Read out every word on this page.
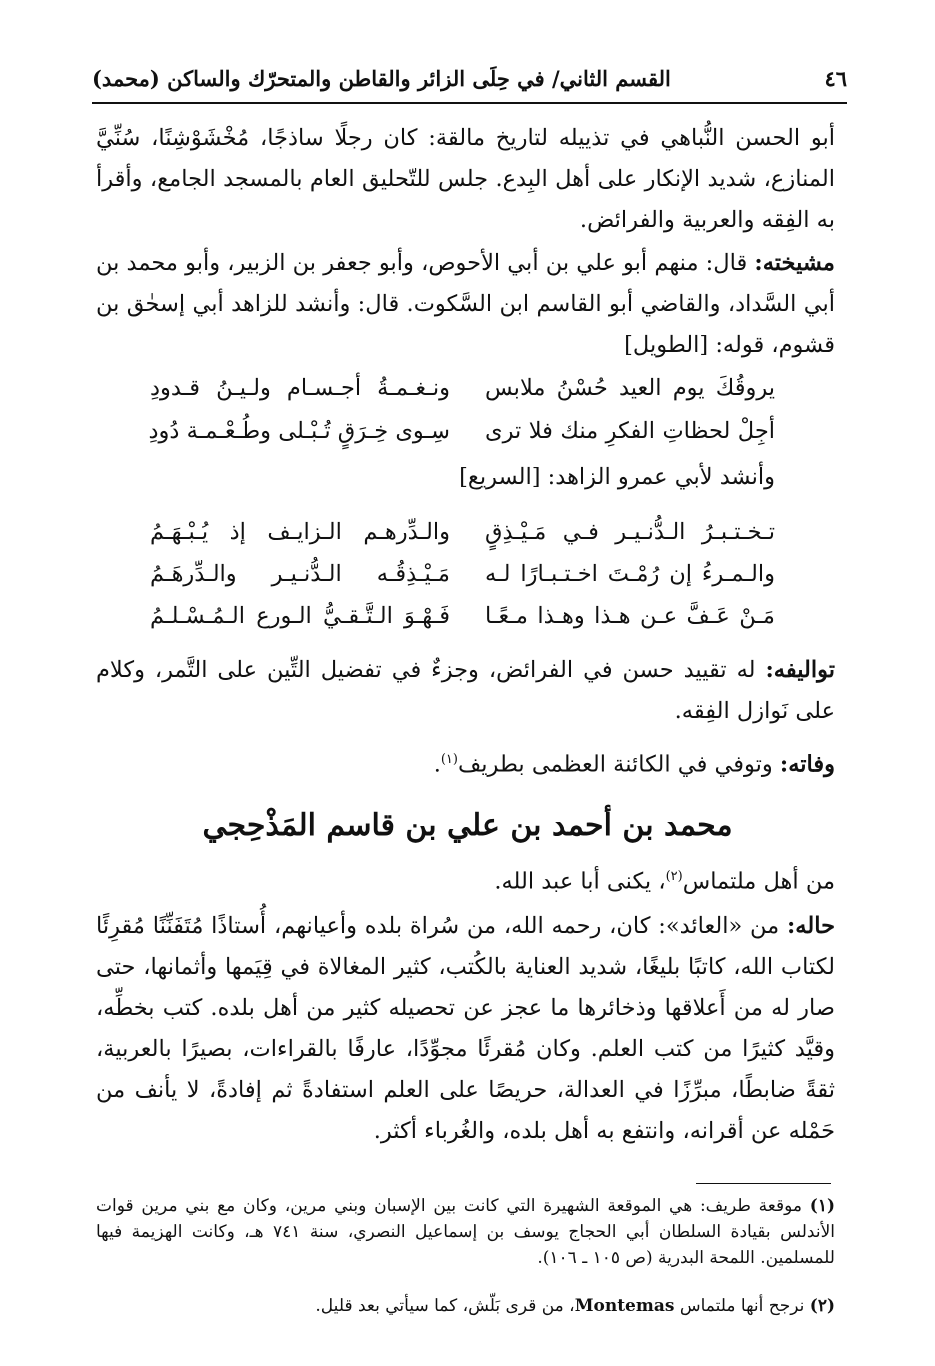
٤٦
القسم الثاني/ في حِلَى الزائر والقاطن والمتحرّك والساكن (محمد)
أبو الحسن النُّباهي في تذييله لتاريخ مالقة: كان رجلًا ساذجًا، مُخْشَوْشِنًا، سُنِّيَّ المنازع، شديد الإنكار على أهل البِدع. جلس للتّحليق العام بالمسجد الجامع، وأقرأ به الفِقه والعربية والفرائض.
مشيخته: قال: منهم أبو علي بن أبي الأحوص، وأبو جعفر بن الزبير، وأبو محمد بن أبي السَّداد، والقاضي أبو القاسم ابن السَّكوت. قال: وأنشد للزاهد أبي إسحٰق بن قشوم، قوله: [الطويل]
يروقُكَ يوم العيد حُسْنُ ملابس
ونـغـمـةُ أجـسـام ولـيـنُ قـدودِ
أجِلْ لحظاتِ الفكرِ منك فلا ترى
سِـوى خِـرَقٍ تُـبْـلى وطُـعْـمـة دُودِ
وأنشد لأبي عمرو الزاهد: [السريع]
تـخـتـبـرُ الـدُّنـيـر فـي مَـيْـذِقٍ
والـدِّرهـم الـزايـف إذ يُـبْـهَـمُ
والـمـرءُ إن رُمْـتَ اخـتـبـارًا لـه
مَـيْـذِقُـه الـدُّنـيـر والـدِّرهَـمُ
مَـنْ عَـفَّ عـن هـذا وهـذا مـعًـا
فَـهْـوَ الـتَّـقـيُّ الـورع الـمُـسْـلـمُ
تواليفه: له تقييد حسن في الفرائض، وجزءٌ في تفضيل التِّين على التَّمر، وكلام على نَوازل الفِقه.
وفاته: وتوفي في الكائنة العظمى بطريف$^{(١)}$.
محمد بن أحمد بن علي بن قاسم المَذْحِجي
من أهل ملتماس$^{(٢)}$، يكنى أبا عبد الله.
حاله: من «العائد»: كان، رحمه الله، من سُراة بلده وأعيانهم، أُستاذًا مُتَفَنِّنًا مُقرِئًا لكتاب الله، كاتبًا بليغًا، شديد العناية بالكُتب، كثير المغالاة في قِيَمها وأثمانها، حتى صار له من أَعلاقها وذخائرها ما عجز عن تحصيله كثير من أهل بلده. كتب بخطِّه، وقيَّد كثيرًا من كتب العلم. وكان مُقرئًا مجوِّدًا، عارفًا بالقراءات، بصيرًا بالعربية، ثقةً ضابطًا، مبرِّزًا في العدالة، حريصًا على العلم استفادةً ثم إفادةً، لا يأنف من حَمْله عن أقرانه، وانتفع به أهل بلده، والغُرباء أكثر.
(١) موقعة طريف: هي الموقعة الشهيرة التي كانت بين الإسبان وبني مرين، وكان مع بني مرين قوات الأندلس بقيادة السلطان أبي الحجاج يوسف بن إسماعيل النصري، سنة ٧٤١ هـ، وكانت الهزيمة فيها للمسلمين. اللمحة البدرية (ص ١٠٥ ـ ١٠٦).
(٢) نرجح أنها ملتماس Montemas، من قرى بَلّش، كما سيأتي بعد قليل.
